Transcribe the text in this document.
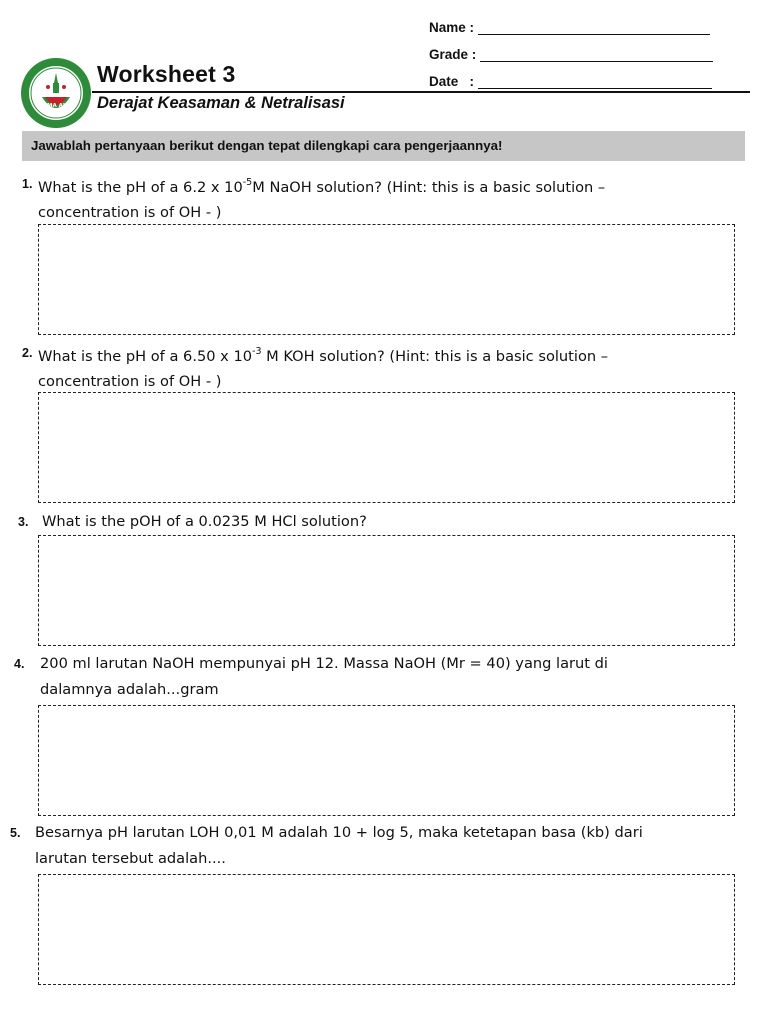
SMA AIS
Worksheet 3
Derajat Keasaman & Netralisasi
Name :
Grade :
Date   :
Jawablah pertanyaan berikut dengan tepat dilengkapi cara pengerjaannya!
1. What is the pH of a 6.2 x $10^{-5}M$ NaOH solution? (Hint: this is a basic solution –
concentration is of OH - )
2. What is the pH of a 6.50 x $10^{-3}$ M KOH solution? (Hint: this is a basic solution –
concentration is of OH - )
3. What is the pOH of a 0.0235 M HCl solution?
4. 200 ml larutan NaOH mempunyai pH 12. Massa NaOH (Mr = 40) yang larut di
dalamnya adalah...gram
5. Besarnya pH larutan LOH 0,01 M adalah 10 + log 5, maka ketetapan basa (kb) dari
larutan tersebut adalah....
